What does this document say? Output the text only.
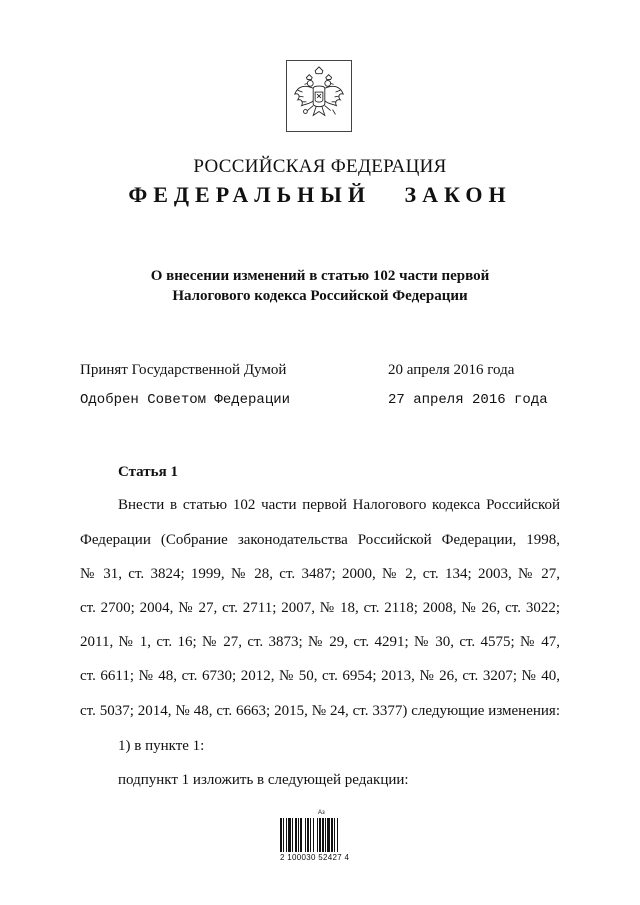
РОССИЙСКАЯ ФЕДЕРАЦИЯ
ФЕДЕРАЛЬНЫЙ ЗАКОН
О внесении изменений в статью 102 части первой
Налогового кодекса Российской Федерации
Принят Государственной Думой	20 апреля 2016 года
Одобрен Советом Федерации	27 апреля 2016 года
Статья 1
Внести в статью 102 части первой Налогового кодекса Российской
Федерации (Собрание законодательства Российской Федерации, 1998,
№ 31, ст. 3824; 1999, № 28, ст. 3487; 2000, № 2, ст. 134; 2003, № 27,
ст. 2700; 2004, № 27, ст. 2711; 2007, № 18, ст. 2118; 2008, № 26, ст. 3022;
2011, № 1, ст. 16; № 27, ст. 3873; № 29, ст. 4291; № 30, ст. 4575; № 47,
ст. 6611; № 48, ст. 6730; 2012, № 50, ст. 6954; 2013, № 26, ст. 3207; № 40,
ст. 5037; 2014, № 48, ст. 6663; 2015, № 24, ст. 3377) следующие изменения:
1) в пункте 1:
подпункт 1 изложить в следующей редакции:
Аз
2 100030 52427 4
